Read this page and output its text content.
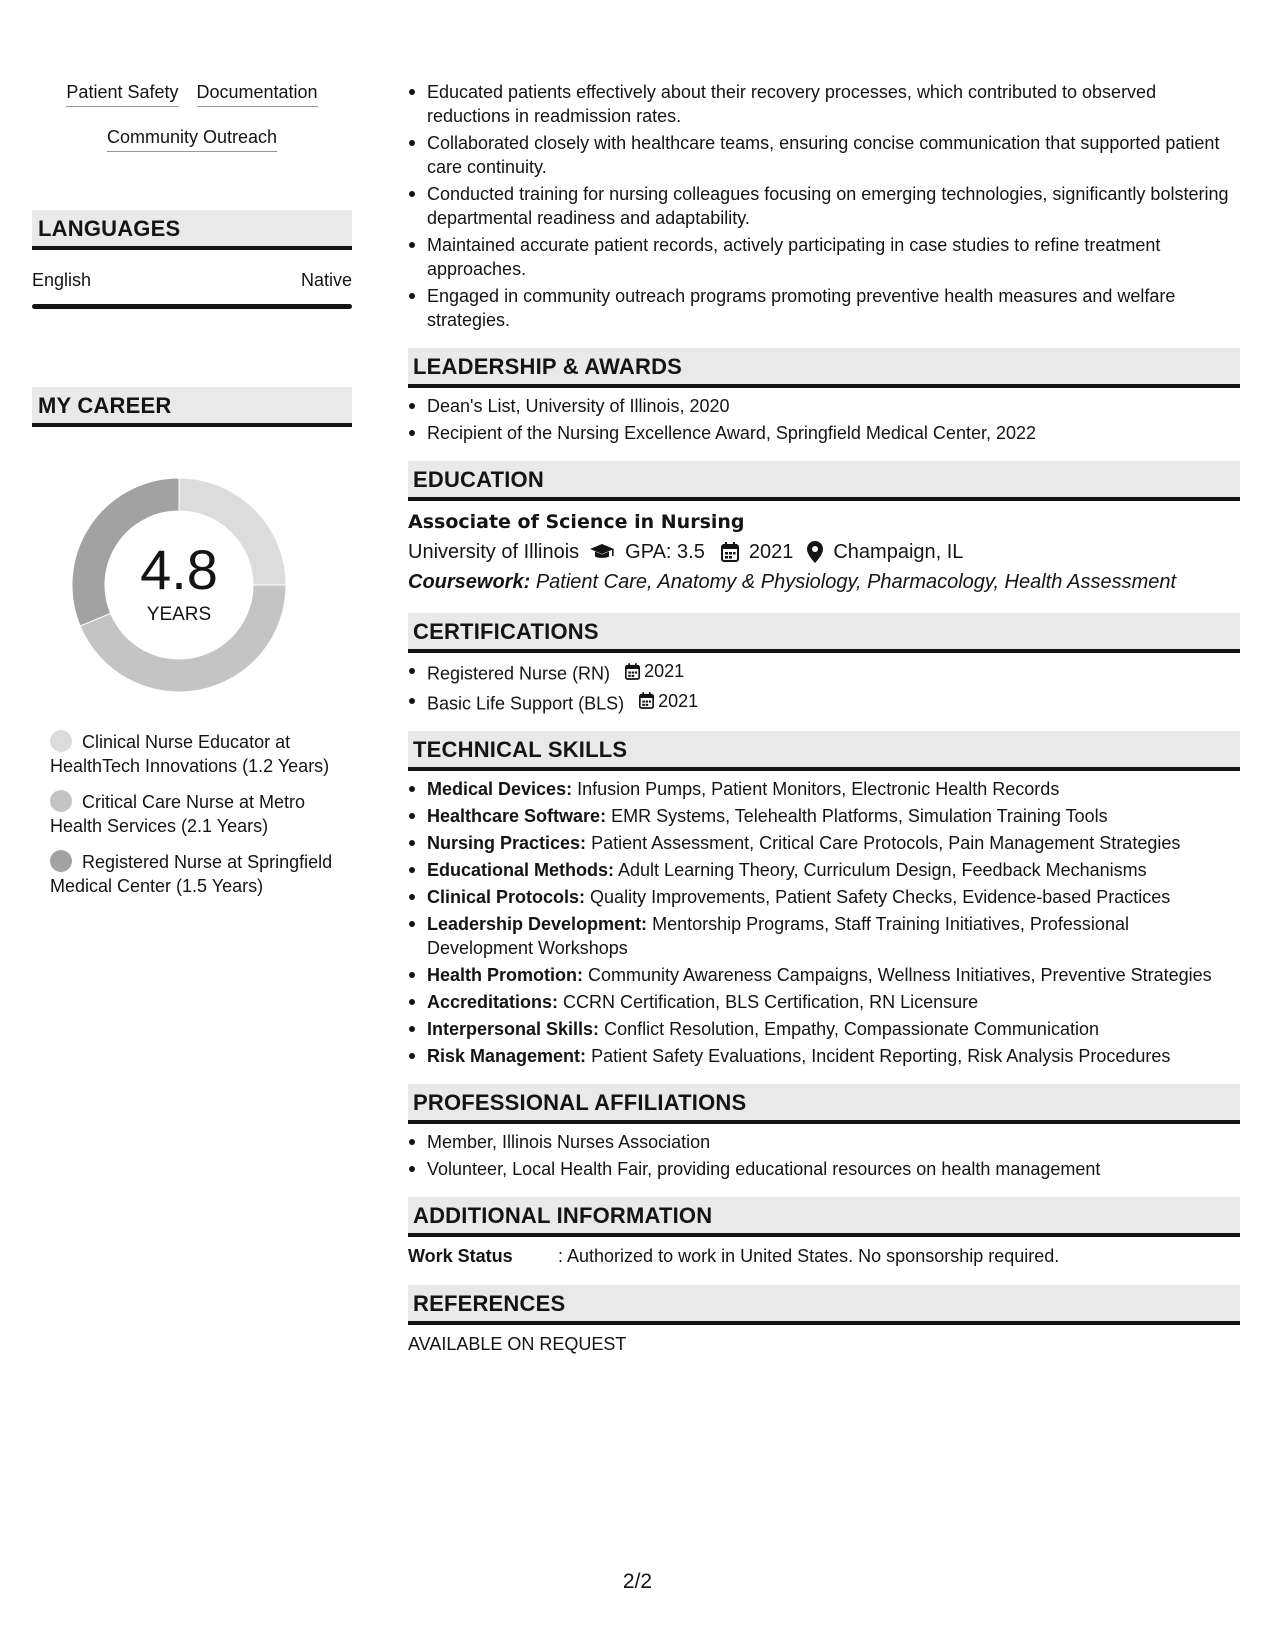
Patient Safety Documentation
Community Outreach
LANGUAGES
English	Native
MY CAREER
4.8
YEARS
Clinical Nurse Educator at HealthTech Innovations (1.2 Years)
Critical Care Nurse at Metro Health Services (2.1 Years)
Registered Nurse at Springfield Medical Center (1.5 Years)
Educated patients effectively about their recovery processes, which contributed to observed reductions in readmission rates.
Collaborated closely with healthcare teams, ensuring concise communication that supported patient care continuity.
Conducted training for nursing colleagues focusing on emerging technologies, significantly bolstering departmental readiness and adaptability.
Maintained accurate patient records, actively participating in case studies to refine treatment approaches.
Engaged in community outreach programs promoting preventive health measures and welfare strategies.
LEADERSHIP & AWARDS
Dean's List, University of Illinois, 2020
Recipient of the Nursing Excellence Award, Springfield Medical Center, 2022
EDUCATION
Associate of Science in Nursing
University of Illinois GPA: 3.5 2021 Champaign, IL
Coursework: Patient Care, Anatomy & Physiology, Pharmacology, Health Assessment
CERTIFICATIONS
Registered Nurse (RN) 2021
Basic Life Support (BLS) 2021
TECHNICAL SKILLS
Medical Devices: Infusion Pumps, Patient Monitors, Electronic Health Records
Healthcare Software: EMR Systems, Telehealth Platforms, Simulation Training Tools
Nursing Practices: Patient Assessment, Critical Care Protocols, Pain Management Strategies
Educational Methods: Adult Learning Theory, Curriculum Design, Feedback Mechanisms
Clinical Protocols: Quality Improvements, Patient Safety Checks, Evidence-based Practices
Leadership Development: Mentorship Programs, Staff Training Initiatives, Professional Development Workshops
Health Promotion: Community Awareness Campaigns, Wellness Initiatives, Preventive Strategies
Accreditations: CCRN Certification, BLS Certification, RN Licensure
Interpersonal Skills: Conflict Resolution, Empathy, Compassionate Communication
Risk Management: Patient Safety Evaluations, Incident Reporting, Risk Analysis Procedures
PROFESSIONAL AFFILIATIONS
Member, Illinois Nurses Association
Volunteer, Local Health Fair, providing educational resources on health management
ADDITIONAL INFORMATION
Work Status	: Authorized to work in United States. No sponsorship required.
REFERENCES
AVAILABLE ON REQUEST
2/2
